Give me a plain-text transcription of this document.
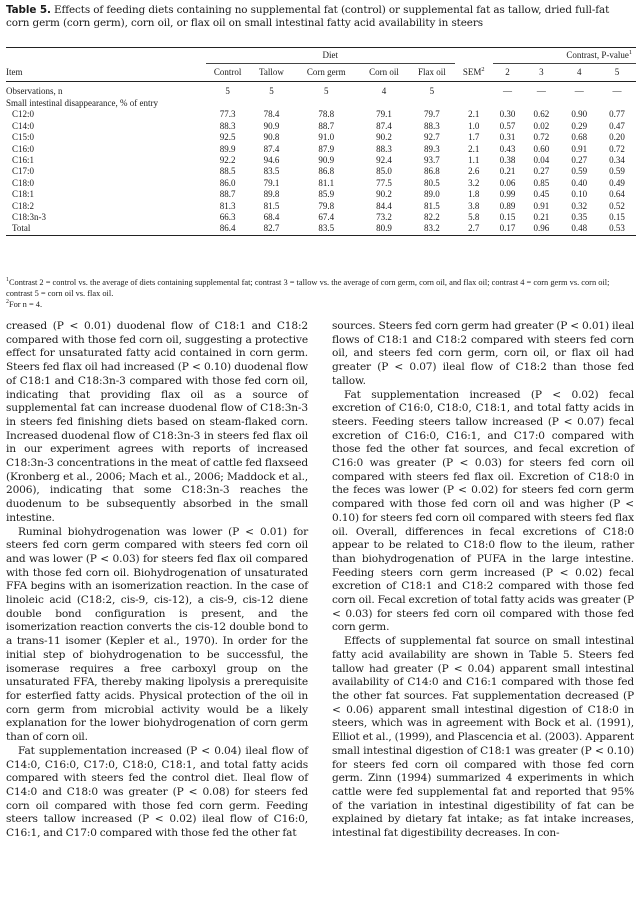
Table 5. Effects of feeding diets containing no supplemental fat (control) or supplemental fat as tallow, dried full-fat corn germ (corn germ), corn oil, or flax oil on small intestinal fatty acid availability in steers
	Diet						Contrast, P-value$^1$
Item	Control	Tallow	Corn germ	Corn oil	Flax oil	SEM$^2$	2	3	4	5
Observations, n	5	5	5	4	5		—	—	—	—
Small intestinal disappearance, % of entry										
C12:0	77.3	78.4	78.8	79.1	79.7	2.1	0.30	0.62	0.90	0.77
C14:0	88.3	90.9	88.7	87.4	88.3	1.0	0.57	0.02	0.29	0.47
C15:0	92.5	90.8	91.0	90.2	92.7	1.7	0.31	0.72	0.68	0.20
C16:0	89.9	87.4	87.9	88.3	89.3	2.1	0.43	0.60	0.91	0.72
C16:1	92.2	94.6	90.9	92.4	93.7	1.1	0.38	0.04	0.27	0.34
C17:0	88.5	83.5	86.8	85.0	86.8	2.6	0.21	0.27	0.59	0.59
C18:0	86.0	79.1	81.1	77.5	80.5	3.2	0.06	0.85	0.40	0.49
C18:1	88.7	89.8	85.9	90.2	89.0	1.8	0.99	0.45	0.10	0.64
C18:2	81.3	81.5	79.8	84.4	81.5	3.8	0.89	0.91	0.32	0.52
C18:3n-3	66.3	68.4	67.4	73.2	82.2	5.8	0.15	0.21	0.35	0.15
Total	86.4	82.7	83.5	80.9	83.2	2.7	0.17	0.96	0.48	0.53
$^1$Contrast 2 = control vs. the average of diets containing supplemental fat; contrast 3 = tallow vs. the average of corn germ, corn oil, and flax oil; contrast 4 = corn germ vs. corn oil; contrast 5 = corn oil vs. flax oil.
$^2$For n = 4.

creased (P < 0.01) duodenal flow of C18:1 and C18:2 compared with those fed corn oil, suggesting a protective effect for unsaturated fatty acid contained in corn germ. Steers fed flax oil had increased (P < 0.10) duodenal flow of C18:1 and C18:3n-3 compared with those fed corn oil, indicating that providing flax oil as a source of supplemental fat can increase duodenal flow of C18:3n-3 in steers fed finishing diets based on steam-flaked corn. Increased duodenal flow of C18:3n-3 in steers fed flax oil in our experiment agrees with reports of increased C18:3n-3 concentrations in the meat of cattle fed flaxseed (Kronberg et al., 2006; Mach et al., 2006; Maddock et al., 2006), indicating that some C18:3n-3 reaches the duodenum to be subsequently absorbed in the small intestine.

Ruminal biohydrogenation was lower (P < 0.01) for steers fed corn germ compared with steers fed corn oil and was lower (P < 0.03) for steers fed flax oil compared with those fed corn oil. Biohydrogenation of unsaturated FFA begins with an isomerization reaction. In the case of linoleic acid (C18:2, cis-9, cis-12), a cis-9, cis-12 diene double bond configuration is present, and the isomerization reaction converts the cis-12 double bond to a trans-11 isomer (Kepler et al., 1970). In order for the initial step of biohydrogenation to be successful, the isomerase requires a free carboxyl group on the unsaturated FFA, thereby making lipolysis a prerequisite for esterfied fatty acids. Physical protection of the oil in corn germ from microbial activity would be a likely explanation for the lower biohydrogenation of corn germ than of corn oil.

Fat supplementation increased (P < 0.04) ileal flow of C14:0, C16:0, C17:0, C18:0, C18:1, and total fatty acids compared with steers fed the control diet. Ileal flow of C14:0 and C18:0 was greater (P < 0.08) for steers fed corn oil compared with those fed corn germ. Feeding steers tallow increased (P < 0.02) ileal flow of C16:0, C16:1, and C17:0 compared with those fed the other fat

sources. Steers fed corn germ had greater (P < 0.01) ileal flows of C18:1 and C18:2 compared with steers fed corn oil, and steers fed corn germ, corn oil, or flax oil had greater (P < 0.07) ileal flow of C18:2 than those fed tallow.

Fat supplementation increased (P < 0.02) fecal excretion of C16:0, C18:0, C18:1, and total fatty acids in steers. Feeding steers tallow increased (P < 0.07) fecal excretion of C16:0, C16:1, and C17:0 compared with those fed the other fat sources, and fecal excretion of C16:0 was greater (P < 0.03) for steers fed corn oil compared with steers fed flax oil. Excretion of C18:0 in the feces was lower (P < 0.02) for steers fed corn germ compared with those fed corn oil and was higher (P < 0.10) for steers fed corn oil compared with steers fed flax oil. Overall, differences in fecal excretions of C18:0 appear to be related to C18:0 flow to the ileum, rather than biohydrogenation of PUFA in the large intestine. Feeding steers corn germ increased (P < 0.02) fecal excretion of C18:1 and C18:2 compared with those fed corn oil. Fecal excretion of total fatty acids was greater (P < 0.03) for steers fed corn oil compared with those fed corn germ.

Effects of supplemental fat source on small intestinal fatty acid availability are shown in Table 5. Steers fed tallow had greater (P < 0.04) apparent small intestinal availability of C14:0 and C16:1 compared with those fed the other fat sources. Fat supplementation decreased (P < 0.06) apparent small intestinal digestion of C18:0 in steers, which was in agreement with Bock et al. (1991), Elliot et al., (1999), and Plascencia et al. (2003). Apparent small intestinal digestion of C18:1 was greater (P < 0.10) for steers fed corn oil compared with those fed corn germ. Zinn (1994) summarized 4 experiments in which cattle were fed supplemental fat and reported that 95% of the variation in intestinal digestibility of fat can be explained by dietary fat intake; as fat intake increases, intestinal fat digestibility decreases. In con-
